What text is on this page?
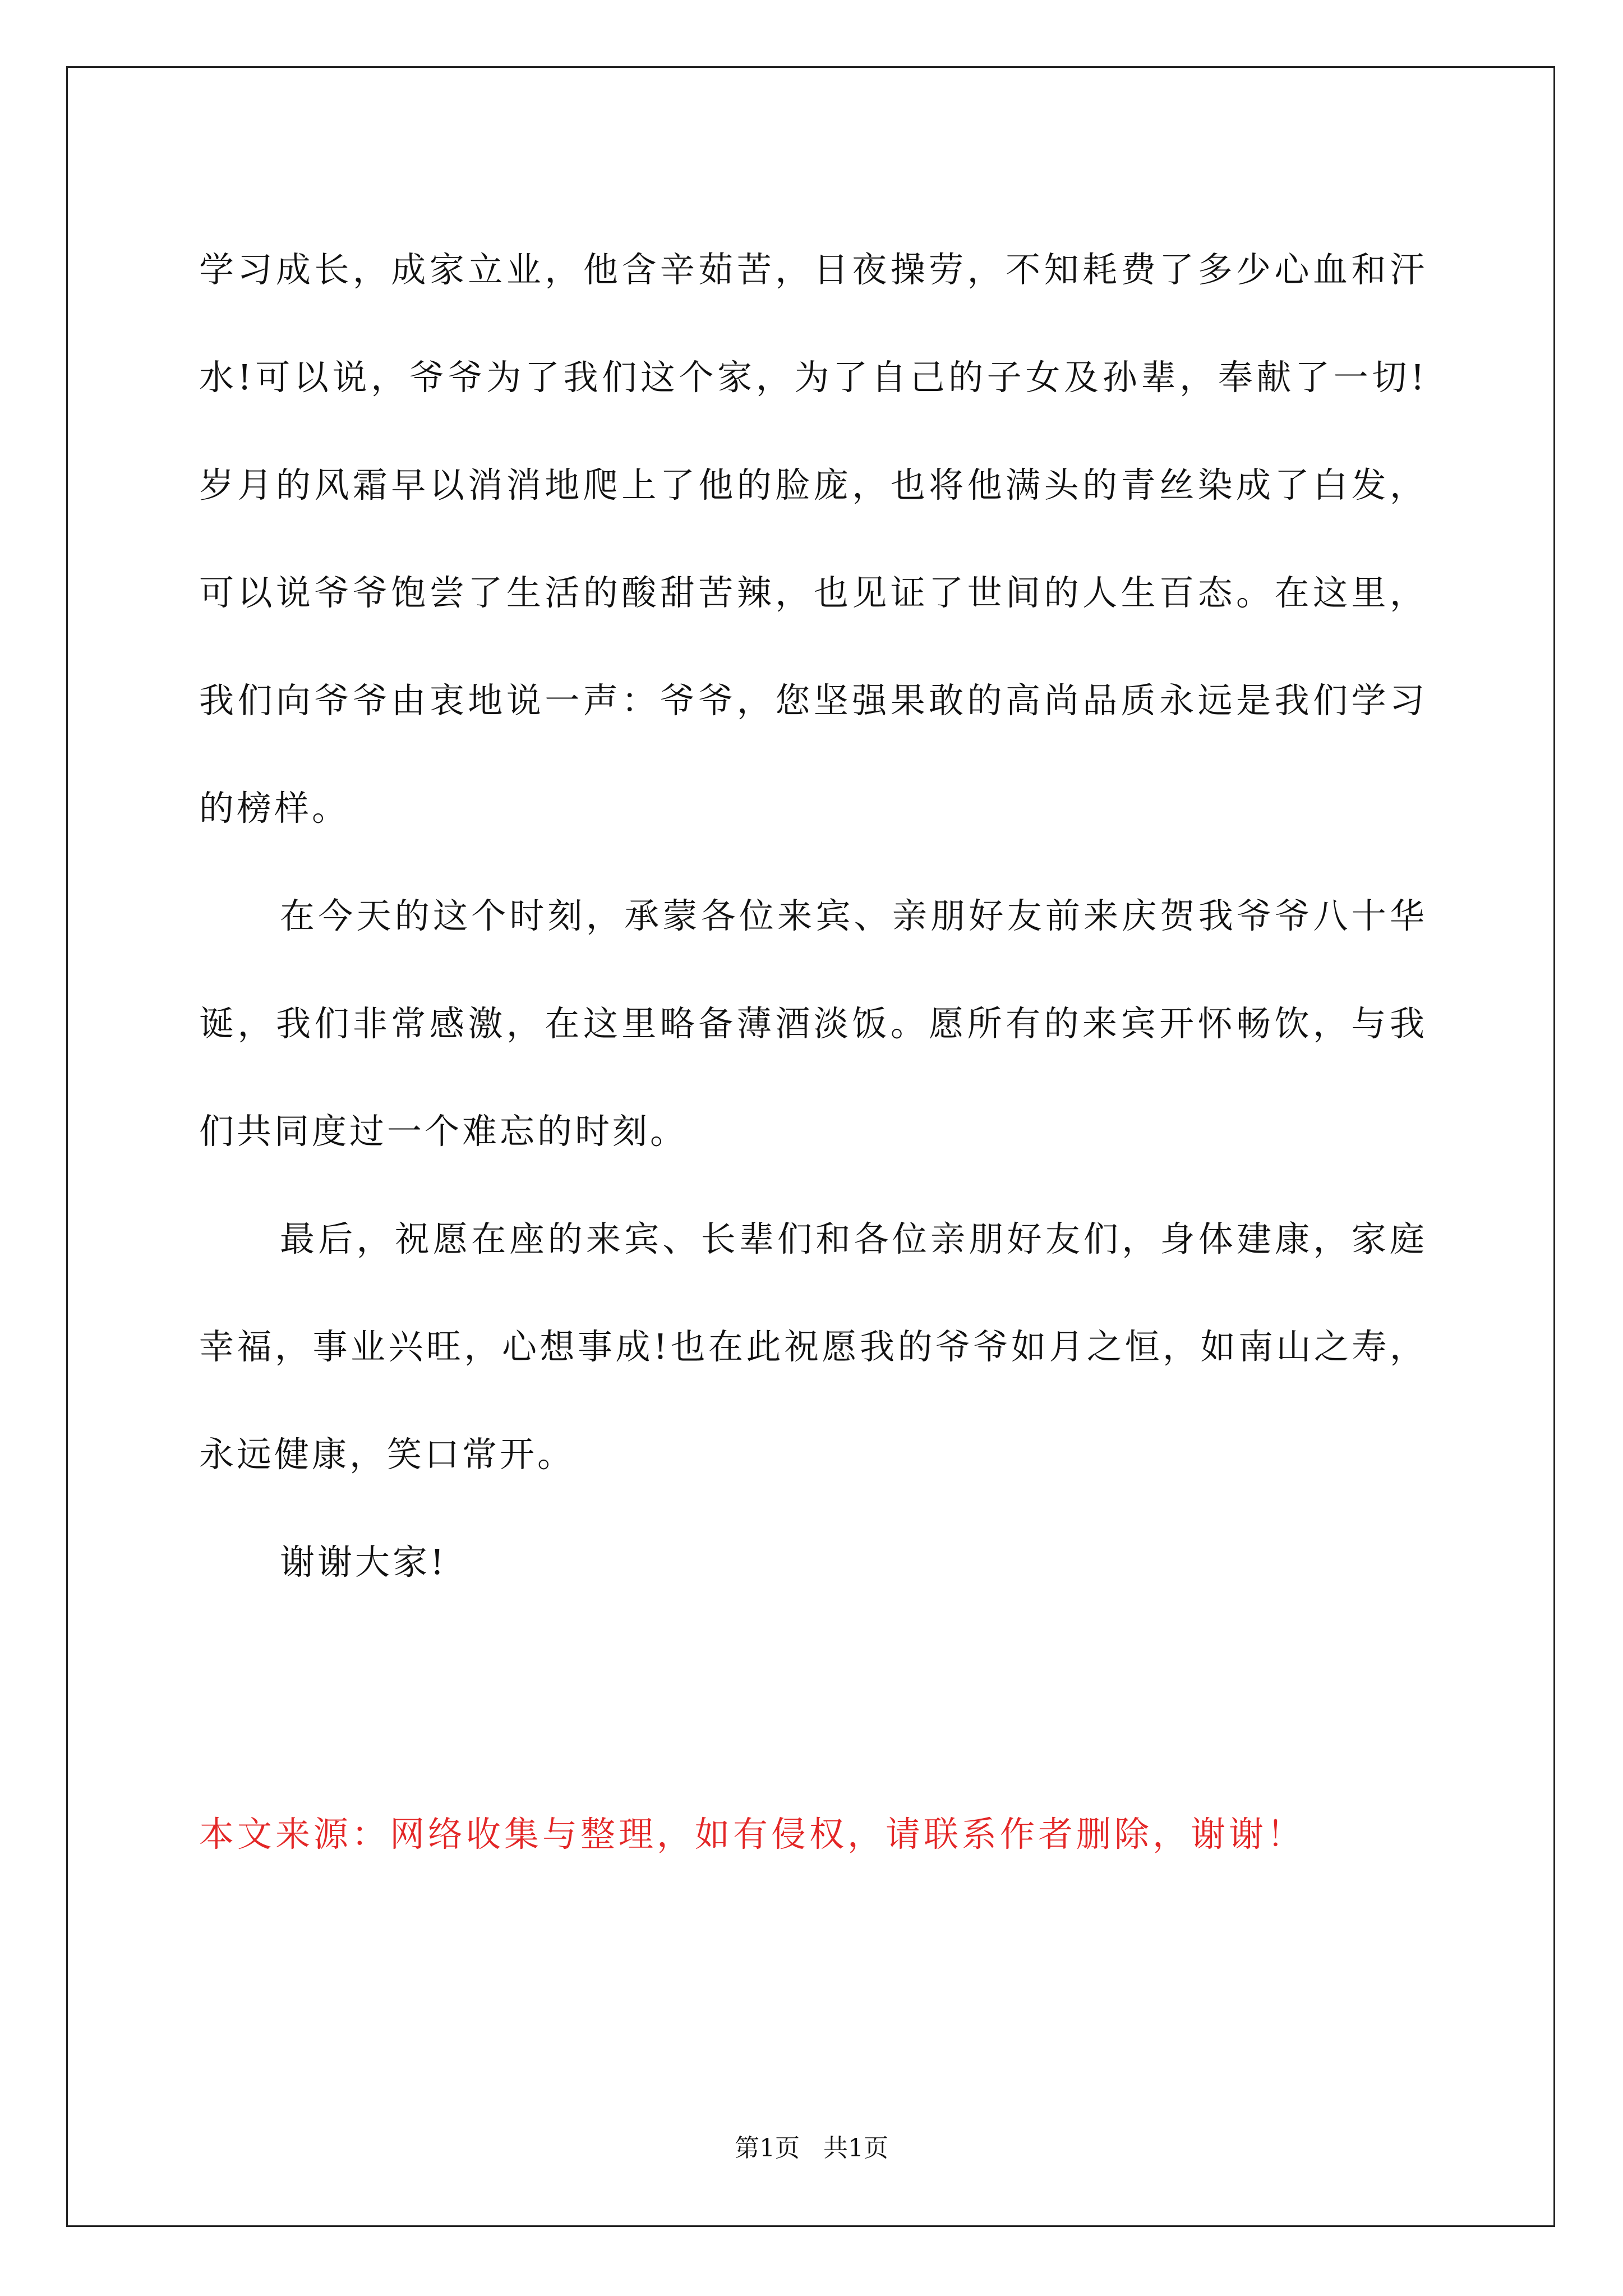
学习成长，成家立业，他含辛茹苦，日夜操劳，不知耗费了多少心血和汗水!可以说，爷爷为了我们这个家，为了自己的子女及孙辈，奉献了一切!岁月的风霜早以消消地爬上了他的脸庞，也将他满头的青丝染成了白发，可以说爷爷饱尝了生活的酸甜苦辣，也见证了世间的人生百态。在这里，我们向爷爷由衷地说一声：爷爷，您坚强果敢的高尚品质永远是我们学习的榜样。

在今天的这个时刻，承蒙各位来宾、亲朋好友前来庆贺我爷爷八十华诞，我们非常感激，在这里略备薄酒淡饭。愿所有的来宾开怀畅饮，与我们共同度过一个难忘的时刻。

最后，祝愿在座的来宾、长辈们和各位亲朋好友们，身体建康，家庭幸福，事业兴旺，心想事成!也在此祝愿我的爷爷如月之恒，如南山之寿，永远健康，笑口常开。

谢谢大家!

本文来源：网络收集与整理，如有侵权，请联系作者删除，谢谢！

第1页   共1页
